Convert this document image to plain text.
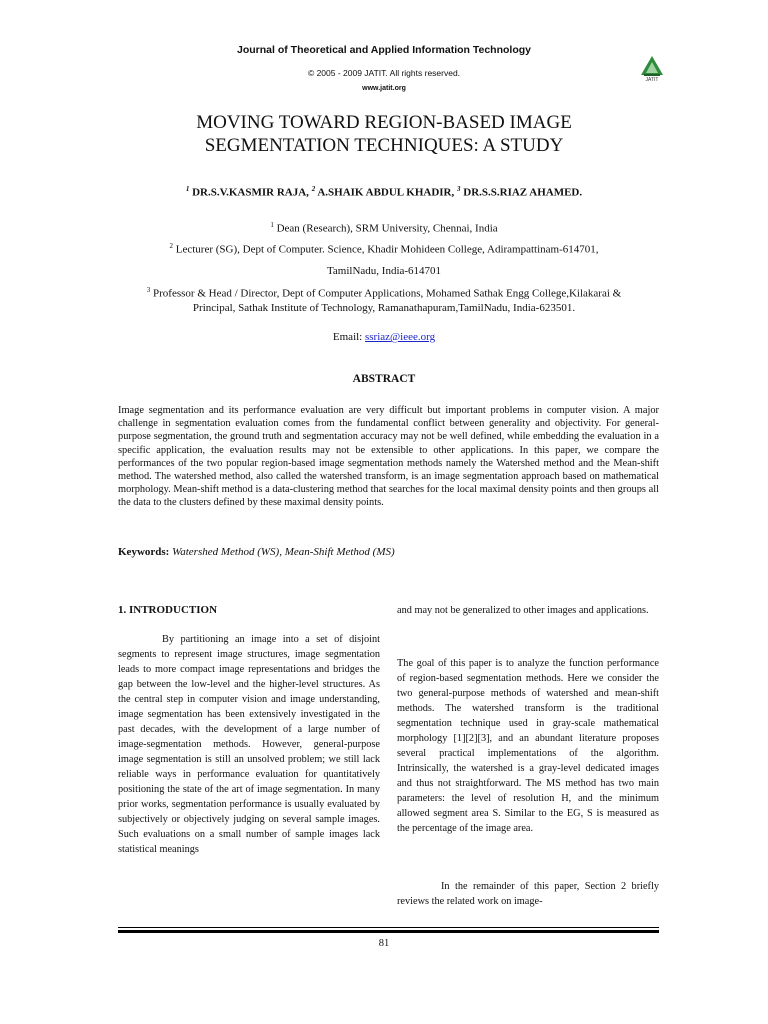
Journal of Theoretical and Applied Information Technology
© 2005 - 2009 JATIT. All rights reserved.
www.jatit.org
JATIT
MOVING TOWARD REGION-BASED IMAGE
SEGMENTATION TECHNIQUES: A STUDY
$^1$ DR.S.V.KASMIR RAJA, $^2$ A.SHAIK ABDUL KHADIR, $^3$ DR.S.S.RIAZ AHAMED.
$^1$ Dean (Research), SRM University, Chennai, India
$^2$ Lecturer (SG), Dept of Computer. Science, Khadir Mohideen College, Adirampattinam-614701,
TamilNadu, India-614701
$^3$ Professor & Head / Director, Dept of Computer Applications, Mohamed Sathak Engg College,Kilakarai &
Principal, Sathak Institute of Technology, Ramanathapuram,TamilNadu, India-623501.
Email: ssriaz@ieee.org
ABSTRACT

Image segmentation and its performance evaluation are very difficult but important problems in computer vision. A major challenge in segmentation evaluation comes from the fundamental conflict between generality and objectivity. For general-purpose segmentation, the ground truth and segmentation accuracy may not be well defined, while embedding the evaluation in a specific application, the evaluation results may not be extensible to other applications. In this paper, we compare the performances of the two popular region-based image segmentation methods namely the Watershed method and the Mean-shift method. The watershed method, also called the watershed transform, is an image segmentation approach based on mathematical morphology. Mean-shift method is a data-clustering method that searches for the local maximal density points and then groups all the data to the clusters defined by these maximal density points.

Keywords: Watershed Method (WS), Mean-Shift Method (MS)
1. INTRODUCTION

By partitioning an image into a set of disjoint segments to represent image structures, image segmentation leads to more compact image representations and bridges the gap between the low-level and the higher-level structures. As the central step in computer vision and image understanding, image segmentation has been extensively investigated in the past decades, with the development of a large number of image-segmentation methods. However, general-purpose image segmentation is still an unsolved problem; we still lack reliable ways in performance evaluation for quantitatively positioning the state of the art of image segmentation. In many prior works, segmentation performance is usually evaluated by subjectively or objectively judging on several sample images. Such evaluations on a small number of sample images lack statistical meanings

and may not be generalized to other images and applications.

The goal of this paper is to analyze the function performance of region-based segmentation methods. Here we consider the two general-purpose methods of watershed and mean-shift methods. The watershed transform is the traditional segmentation technique used in gray-scale mathematical morphology [1][2][3], and an abundant literature proposes several practical implementations of the algorithm. Intrinsically, the watershed is a gray-level dedicated images and thus not straightforward. The MS method has two main parameters: the level of resolution H, and the minimum allowed segment area S. Similar to the EG, S is measured as the percentage of the image area.

In the remainder of this paper, Section 2 briefly reviews the related work on image-

81
